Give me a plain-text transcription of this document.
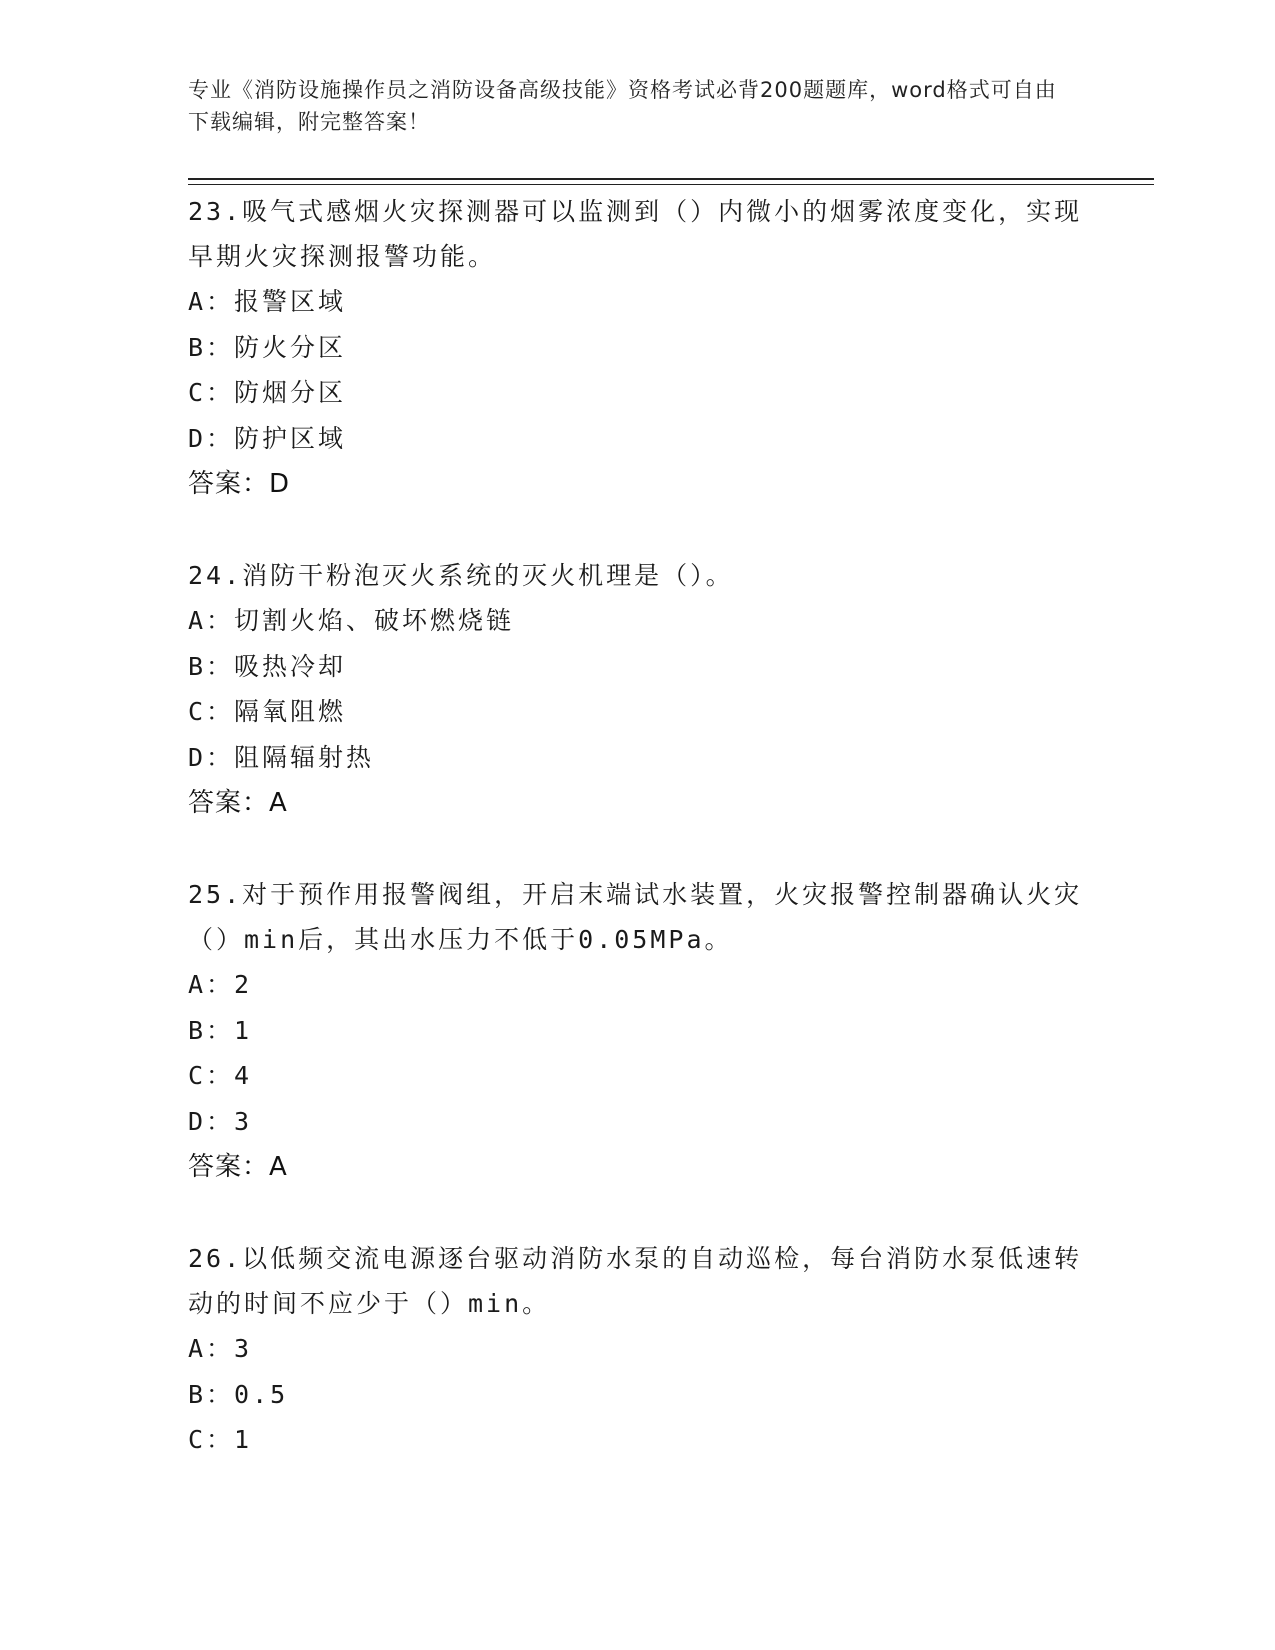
专业《消防设施操作员之消防设备高级技能》资格考试必背200题题库，word格式可自由下载编辑，附完整答案！

23.吸气式感烟火灾探测器可以监测到（）内微小的烟雾浓度变化，实现早期火灾探测报警功能。

A：报警区域
B：防火分区
C：防烟分区
D：防护区域
答案：D

24.消防干粉泡灭火系统的灭火机理是（）。

A：切割火焰、破坏燃烧链
B：吸热冷却
C：隔氧阻燃
D：阻隔辐射热
答案：A

25.对于预作用报警阀组，开启末端试水装置，火灾报警控制器确认火灾（）min后，其出水压力不低于0.05MPa。

A：2
B：1
C：4
D：3
答案：A

26.以低频交流电源逐台驱动消防水泵的自动巡检，每台消防水泵低速转动的时间不应少于（）min。

A：3
B：0.5
C：1
